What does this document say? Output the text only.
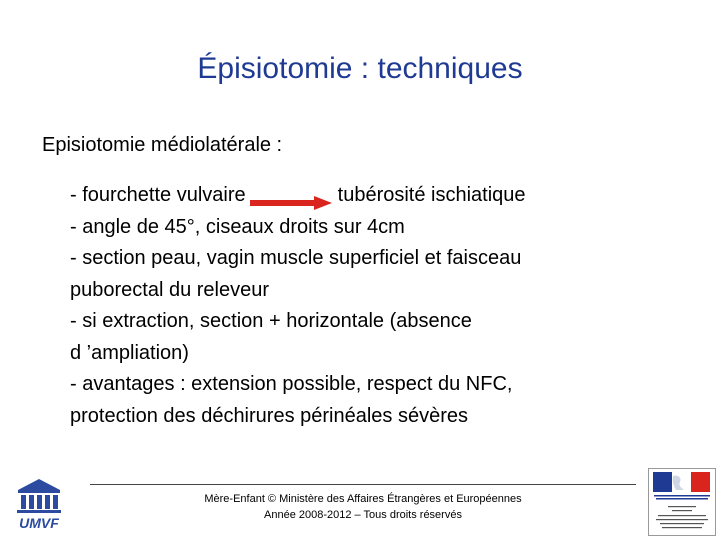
Épisiotomie : techniques
Episiotomie médiolatérale :
- fourchette vulvaire	tubérosité ischiatique
- angle de 45°, ciseaux droits sur 4cm
- section peau, vagin muscle superficiel et faisceau
puborectal du releveur
- si extraction, section + horizontale (absence
d ’ampliation)
- avantages : extension possible, respect du NFC,
protection des déchirures périnéales sévères
Mère-Enfant © Ministère des Affaires Étrangères et Européennes
Année 2008-2012 – Tous droits réservés
UMVF
